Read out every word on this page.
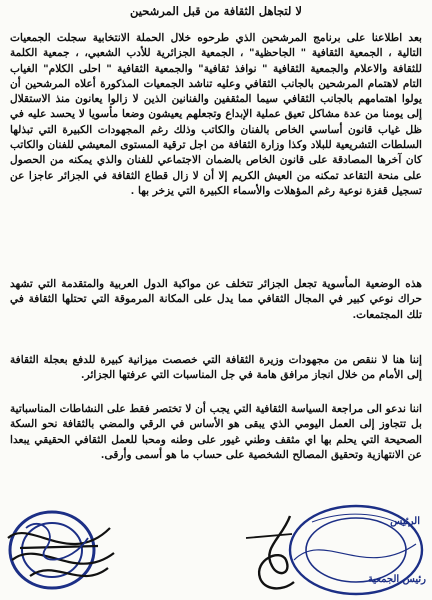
لا لتجاهل الثقافة من قبل المرشحين
بعد اطلاعنا على برنامج المرشحين الذي طرحوه خلال الحملة الانتخابية سجلت الجمعيات التالية ، الجمعية الثقافية " الجاحظية" ، الجمعية الجزائرية للأدب الشعبي، ، جمعية الكلمة للثقافة والاعلام والجمعية الثقافية " نوافذ ثقافية" والجمعية الثقافية " احلى الكلام" الغياب التام لاهتمام المرشحين بالجانب الثقافي وعليه تناشد الجمعيات المذكورة أعلاه المرشحين أن يولوا اهتمامهم بالجانب الثقافي سيما المثقفين والفنانين الذين لا زالوا يعانون منذ الاستقلال إلى يومنا من عدة مشاكل تعيق عملية الإبداع وتجعلهم يعيشون وضعا مأسويا لا يحسد عليه في ظل غياب قانون أساسي الخاص بالفنان والكاتب وذلك رغم المجهودات الكبيرة التي تبذلها السلطات التشريعية للبلاد وكذا وزارة الثقافة من اجل ترقية المستوى المعيشي للفنان والكاتب كان آخرها المصادقة على قانون الخاص بالضمان الاجتماعي للفنان والذي يمكنه من الحصول على منحة التقاعد تمكنه من العيش الكريم إلا أن لا زال قطاع الثقافة في الجزائر عاجزا عن تسجيل قفزة نوعية رغم المؤهلات والأسماء الكبيرة التي يزخر بها .
هذه الوضعية المأسوية تجعل الجزائر تتخلف عن مواكبة الدول العربية والمتقدمة التي تشهد حراك نوعي كبير في المجال الثقافي مما يدل على المكانة المرموقة التي تحتلها الثقافة في تلك المجتمعات.
إننا هنا لا ننقص من مجهودات وزيرة الثقافة التي خصصت ميزانية كبيرة للدفع بعجلة الثقافة إلى الأمام من خلال انجاز مرافق هامة في جل المناسبات التي عرفتها الجزائر.
اننا ندعو الى مراجعة السياسة الثقافية التي يجب أن لا تختصر فقط على النشاطات المناسباتية بل تتجاوز إلى العمل اليومي الذي يبقى هو الأساس في الرقي والمضي بالثقافة نحو السكة الصحيحة التي يحلم بها اي مثقف وطني غيور على وطنه ومحبا للعمل الثقافي الحقيقي يبعدا عن الانتهازية وتحقيق المصالح الشخصية على حساب ما هو أسمى وأرقى.
الرئيس
رئيس الجمعية
